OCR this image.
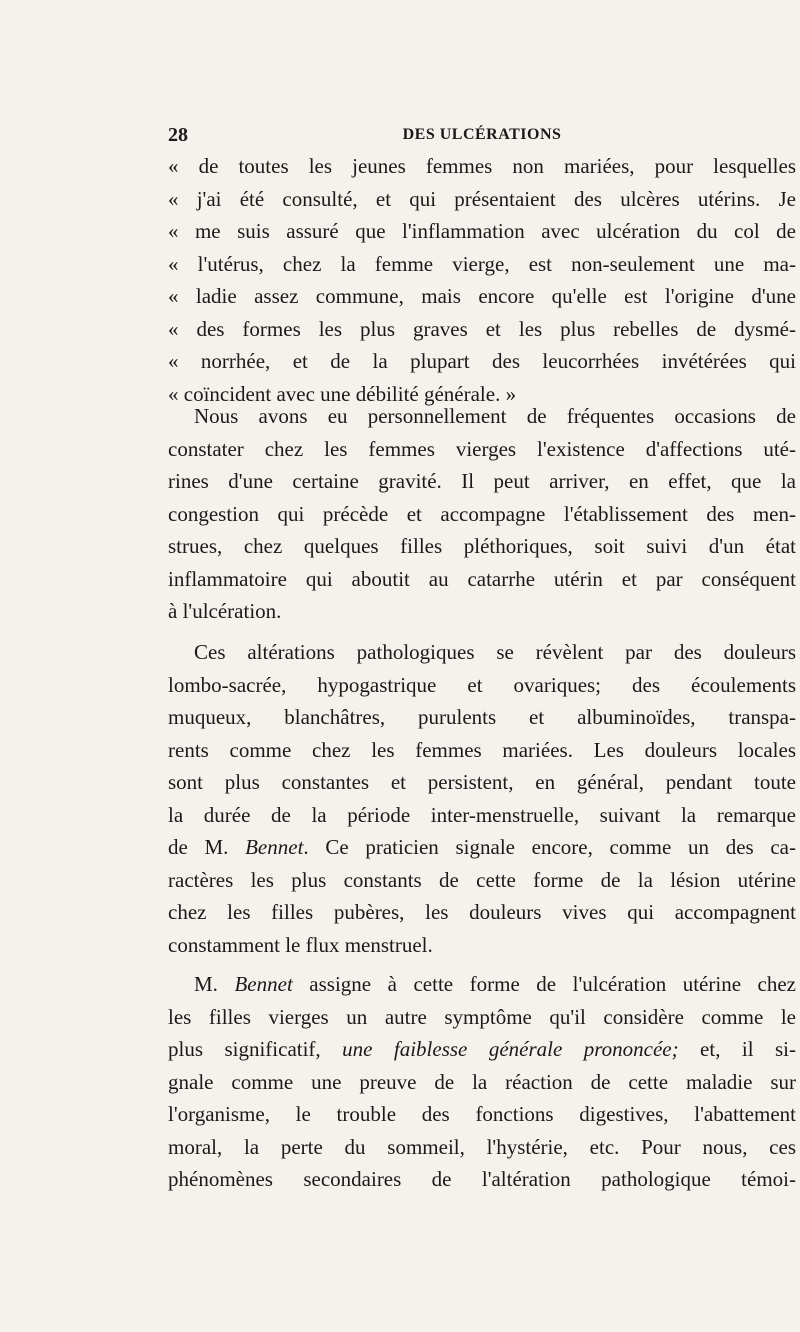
28	DES ULCÉRATIONS
« de toutes les jeunes femmes non mariées, pour lesquelles
« j'ai été consulté, et qui présentaient des ulcères utérins. Je
« me suis assuré que l'inflammation avec ulcération du col de
« l'utérus, chez la femme vierge, est non-seulement une ma-
« ladie assez commune, mais encore qu'elle est l'origine d'une
« des formes les plus graves et les plus rebelles de dysmé-
« norrhée, et de la plupart des leucorrhées invétérées qui
« coïncident avec une débilité générale. »
Nous avons eu personnellement de fréquentes occasions de
constater chez les femmes vierges l'existence d'affections uté-
rines d'une certaine gravité. Il peut arriver, en effet, que la
congestion qui précède et accompagne l'établissement des men-
strues, chez quelques filles pléthoriques, soit suivi d'un état
inflammatoire qui aboutit au catarrhe utérin et par conséquent
à l'ulcération.
Ces altérations pathologiques se révèlent par des douleurs
lombo-sacrée, hypogastrique et ovariques; des écoulements
muqueux, blanchâtres, purulents et albuminoïdes, transpa-
rents comme chez les femmes mariées. Les douleurs locales
sont plus constantes et persistent, en général, pendant toute
la durée de la période inter-menstruelle, suivant la remarque
de M. Bennet. Ce praticien signale encore, comme un des ca-
ractères les plus constants de cette forme de la lésion utérine
chez les filles pubères, les douleurs vives qui accompagnent
constamment le flux menstruel.
M. Bennet assigne à cette forme de l'ulcération utérine chez
les filles vierges un autre symptôme qu'il considère comme le
plus significatif, une faiblesse générale prononcée; et, il si-
gnale comme une preuve de la réaction de cette maladie sur
l'organisme, le trouble des fonctions digestives, l'abattement
moral, la perte du sommeil, l'hystérie, etc. Pour nous, ces
phénomènes secondaires de l'altération pathologique témoi-
